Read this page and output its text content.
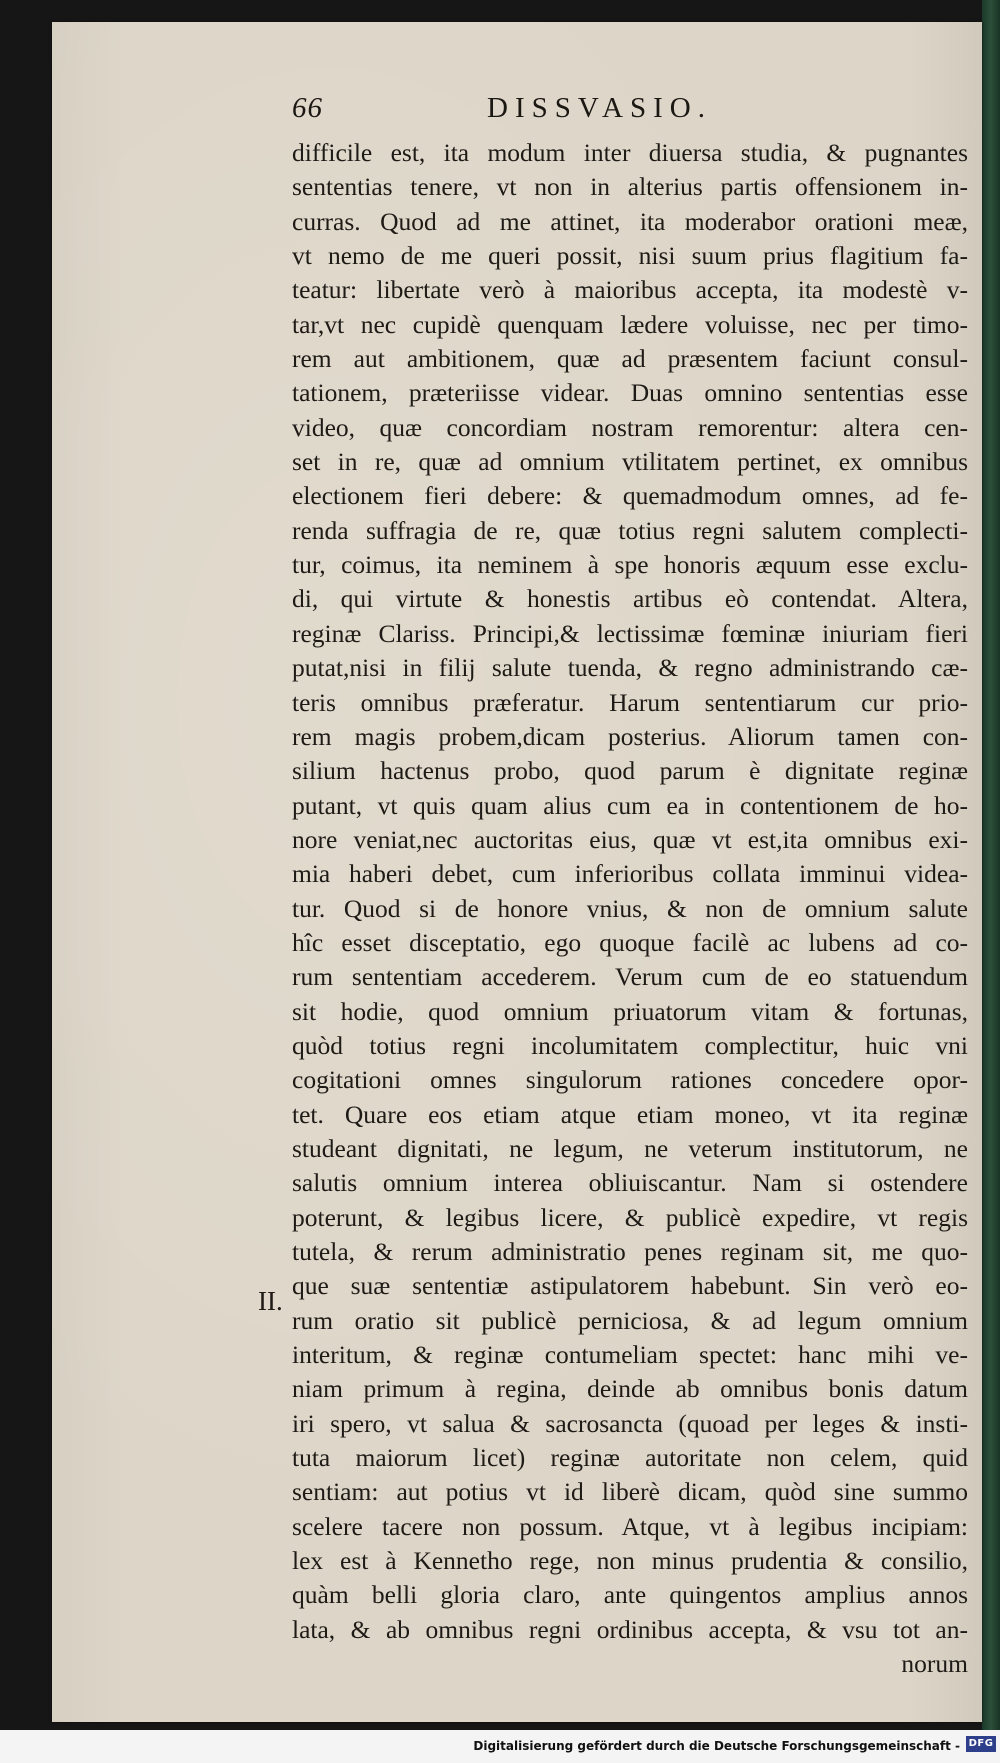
66	DISSVASIO.
II.
difficile est, ita modum inter diuersa studia, & pugnantes
sententias tenere, vt non in alterius partis offensionem in-
curras. Quod ad me attinet, ita moderabor orationi meæ,
vt nemo de me queri possit, nisi suum prius flagitium fa-
teatur: libertate verò à maioribus accepta, ita modestè v-
tar,vt nec cupidè quenquam lædere voluisse, nec per timo-
rem aut ambitionem, quæ ad præsentem faciunt consul-
tationem, præteriisse videar. Duas omnino sententias esse
video, quæ concordiam nostram remorentur: altera cen-
set in re, quæ ad omnium vtilitatem pertinet, ex omnibus
electionem fieri debere: & quemadmodum omnes, ad fe-
renda suffragia de re, quæ totius regni salutem complecti-
tur, coimus, ita neminem à spe honoris æquum esse exclu-
di, qui virtute & honestis artibus eò contendat. Altera,
reginæ Clariss. Principi,& lectissimæ fœminæ iniuriam fieri
putat,nisi in filij salute tuenda, & regno administrando cæ-
teris omnibus præferatur. Harum sententiarum cur prio-
rem magis probem,dicam posterius. Aliorum tamen con-
silium hactenus probo, quod parum è dignitate reginæ
putant, vt quis quam alius cum ea in contentionem de ho-
nore veniat,nec auctoritas eius, quæ vt est,ita omnibus exi-
mia haberi debet, cum inferioribus collata imminui videa-
tur. Quod si de honore vnius, & non de omnium salute
hîc esset disceptatio, ego quoque facilè ac lubens ad co-
rum sententiam accederem. Verum cum de eo statuendum
sit hodie, quod omnium priuatorum vitam & fortunas,
quòd totius regni incolumitatem complectitur, huic vni
cogitationi omnes singulorum rationes concedere opor-
tet. Quare eos etiam atque etiam moneo, vt ita reginæ
studeant dignitati, ne legum, ne veterum institutorum, ne
salutis omnium interea obliuiscantur. Nam si ostendere
poterunt, & legibus licere, & publicè expedire, vt regis
tutela, & rerum administratio penes reginam sit, me quo-
que suæ sententiæ astipulatorem habebunt. Sin verò eo-
rum oratio sit publicè perniciosa, & ad legum omnium
interitum, & reginæ contumeliam spectet: hanc mihi ve-
niam primum à regina, deinde ab omnibus bonis datum
iri spero, vt salua & sacrosancta (quoad per leges & insti-
tuta maiorum licet) reginæ autoritate non celem, quid
sentiam: aut potius vt id liberè dicam, quòd sine summo
scelere tacere non possum. Atque, vt à legibus incipiam:
lex est à Kennetho rege, non minus prudentia & consilio,
quàm belli gloria claro, ante quingentos amplius annos
lata, & ab omnibus regni ordinibus accepta, & vsu tot an-
norum
Digitalisierung gefördert durch die Deutsche Forschungsgemeinschaft - DFG
